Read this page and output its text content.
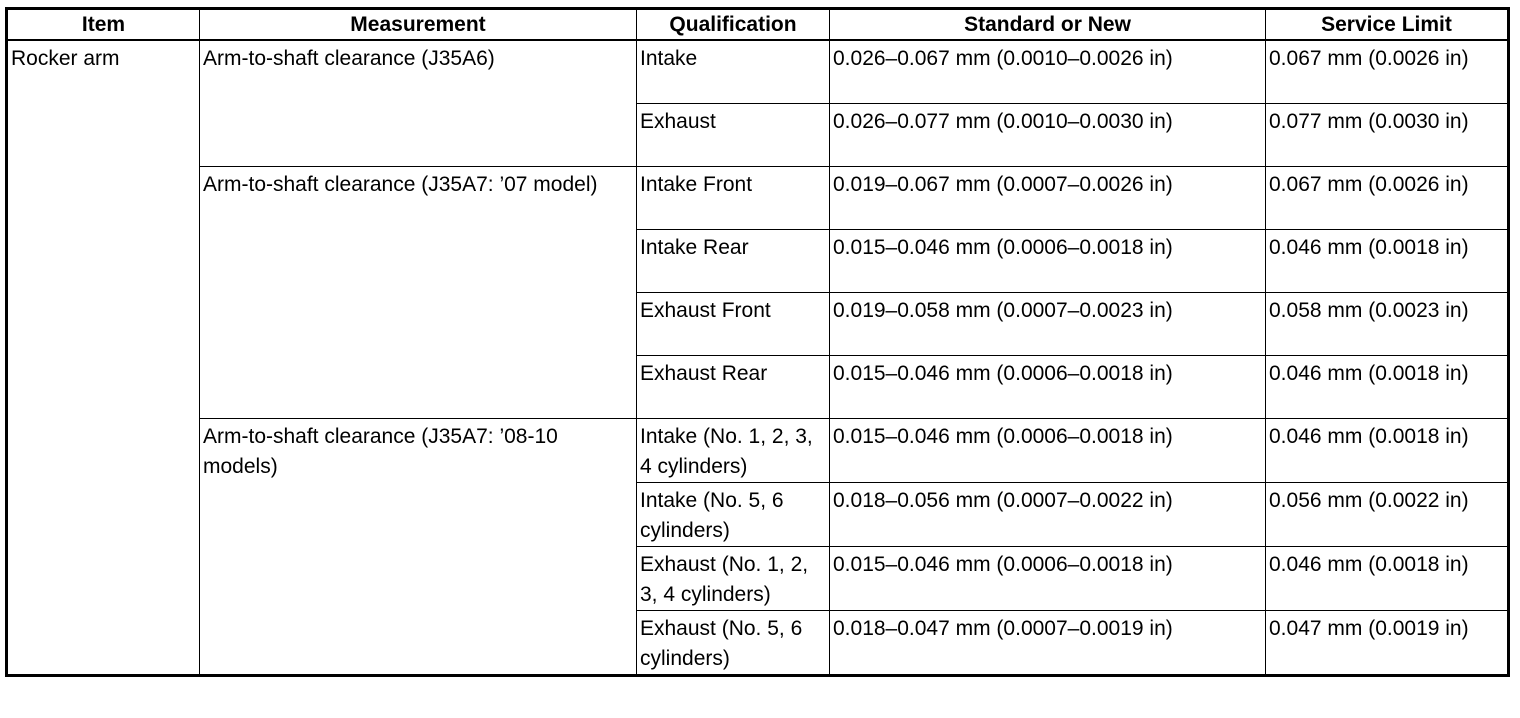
Item	Measurement	Qualification	Standard or New	Service Limit
Rocker arm	Arm-to-shaft clearance (J35A6)	Intake	0.026–0.067 mm (0.0010–0.0026 in)	0.067 mm (0.0026 in)
		Exhaust	0.026–0.077 mm (0.0010–0.0030 in)	0.077 mm (0.0030 in)
	Arm-to-shaft clearance (J35A7: ’07 model)	Intake Front	0.019–0.067 mm (0.0007–0.0026 in)	0.067 mm (0.0026 in)
		Intake Rear	0.015–0.046 mm (0.0006–0.0018 in)	0.046 mm (0.0018 in)
		Exhaust Front	0.019–0.058 mm (0.0007–0.0023 in)	0.058 mm (0.0023 in)
		Exhaust Rear	0.015–0.046 mm (0.0006–0.0018 in)	0.046 mm (0.0018 in)
	Arm-to-shaft clearance (J35A7: ’08-10 models)	Intake (No. 1, 2, 3, 4 cylinders)	0.015–0.046 mm (0.0006–0.0018 in)	0.046 mm (0.0018 in)
		Intake (No. 5, 6 cylinders)	0.018–0.056 mm (0.0007–0.0022 in)	0.056 mm (0.0022 in)
		Exhaust (No. 1, 2, 3, 4 cylinders)	0.015–0.046 mm (0.0006–0.0018 in)	0.046 mm (0.0018 in)
		Exhaust (No. 5, 6 cylinders)	0.018–0.047 mm (0.0007–0.0019 in)	0.047 mm (0.0019 in)
